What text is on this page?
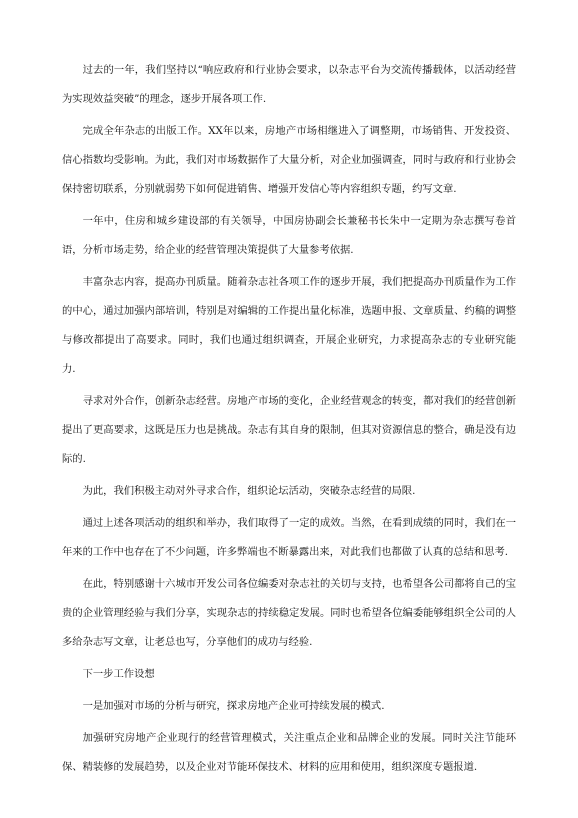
过去的一年，我们坚持以“响应政府和行业协会要求，以杂志平台为交流传播载体，以活动经营为实现效益突破”的理念，逐步开展各项工作.

完成全年杂志的出版工作。XX年以来，房地产市场相继进入了调整期，市场销售、开发投资、信心指数均受影响。为此，我们对市场数据作了大量分析，对企业加强调查，同时与政府和行业协会保持密切联系，分别就弱势下如何促进销售、增强开发信心等内容组织专题，约写文章.

一年中，住房和城乡建设部的有关领导，中国房协副会长兼秘书长朱中一定期为杂志撰写卷首语，分析市场走势，给企业的经营管理决策提供了大量参考依据.

丰富杂志内容，提高办刊质量。随着杂志社各项工作的逐步开展，我们把提高办刊质量作为工作的中心，通过加强内部培训，特别是对编辑的工作提出量化标准，选题申报、文章质量、约稿的调整与修改都提出了高要求。同时，我们也通过组织调查，开展企业研究，力求提高杂志的专业研究能力.

寻求对外合作，创新杂志经营。房地产市场的变化，企业经营观念的转变，都对我们的经营创新提出了更高要求，这既是压力也是挑战。杂志有其自身的限制，但其对资源信息的整合，确是没有边际的.

为此，我们积极主动对外寻求合作，组织论坛活动，突破杂志经营的局限.

通过上述各项活动的组织和举办，我们取得了一定的成效。当然，在看到成绩的同时，我们在一年来的工作中也存在了不少问题，许多弊端也不断暴露出来，对此我们也都做了认真的总结和思考.

在此，特别感谢十六城市开发公司各位编委对杂志社的关切与支持，也希望各公司都将自己的宝贵的企业管理经验与我们分享，实现杂志的持续稳定发展。同时也希望各位编委能够组织全公司的人多给杂志写文章，让老总也写，分享他们的成功与经验.

下一步工作设想

一是加强对市场的分析与研究，探求房地产企业可持续发展的模式.

加强研究房地产企业现行的经营管理模式，关注重点企业和品牌企业的发展。同时关注节能环保、精装修的发展趋势，以及企业对节能环保技术、材料的应用和使用，组织深度专题报道.
